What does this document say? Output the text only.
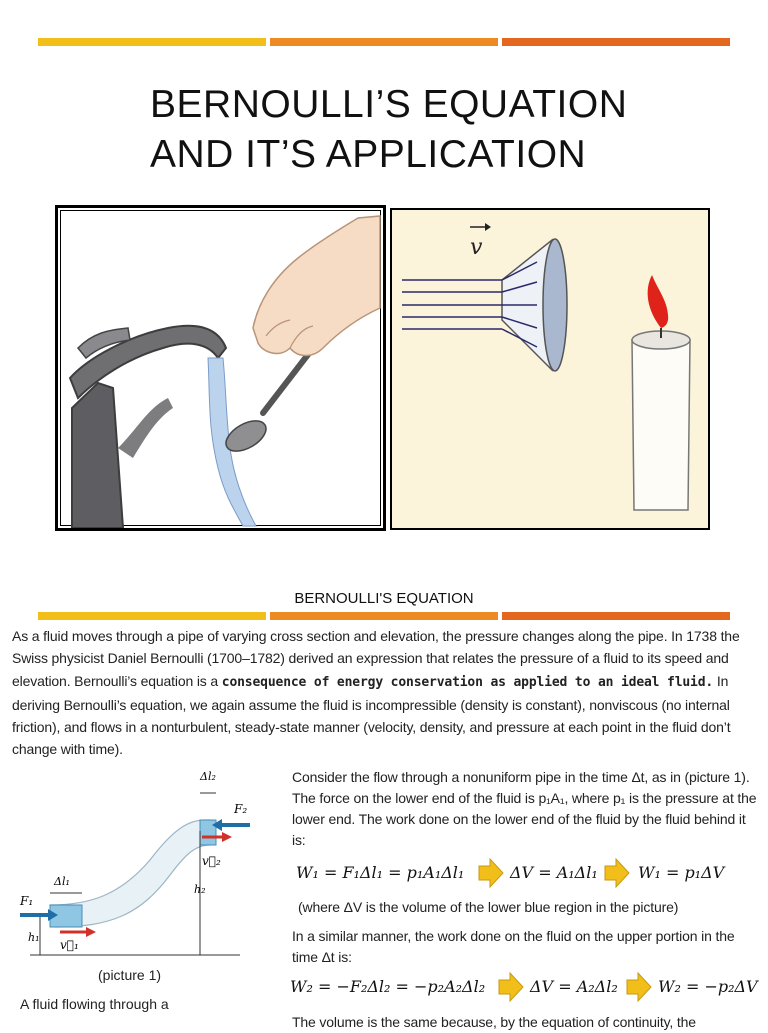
BERNOULLI’S EQUATION
AND IT’S APPLICATION
v
BERNOULLI'S EQUATION
As a fluid moves through a pipe of varying cross section and elevation, the pressure changes along the pipe. In 1738 the Swiss physicist Daniel Bernoulli (1700–1782) derived an expression that relates the pressure of a fluid to its speed and elevation. Bernoulli’s equation is a consequence of energy conservation as applied to an ideal fluid. In deriving Bernoulli’s equation, we again assume the fluid is incompressible (density is constant), nonviscous (no internal friction), and flows in a nonturbulent, steady-state manner (velocity, density, and pressure at each point in the fluid don’t change with time).
F₁
v⃗₁
Δl₁
h₁
F₂
v⃗₂
Δl₂
h₂
(picture 1)
A fluid flowing through a
Consider the flow through a nonuniform pipe in the time Δt, as in (picture 1). The force on the lower end of the fluid is p₁A₁, where p₁ is the pressure at the lower end. The work done on the lower end of the fluid by the fluid behind it is:
W₁ = F₁Δl₁ = p₁A₁Δl₁	ΔV = A₁Δl₁	W₁ = p₁ΔV
(where ΔV is the volume of the lower blue region in the picture)
In a similar manner, the work done on the fluid on the upper portion in the time Δt is:
W₂ = −F₂Δl₂ = −p₂A₂Δl₂	ΔV = A₂Δl₂	W₂ = −p₂ΔV
The volume is the same because, by the equation of continuity, the
